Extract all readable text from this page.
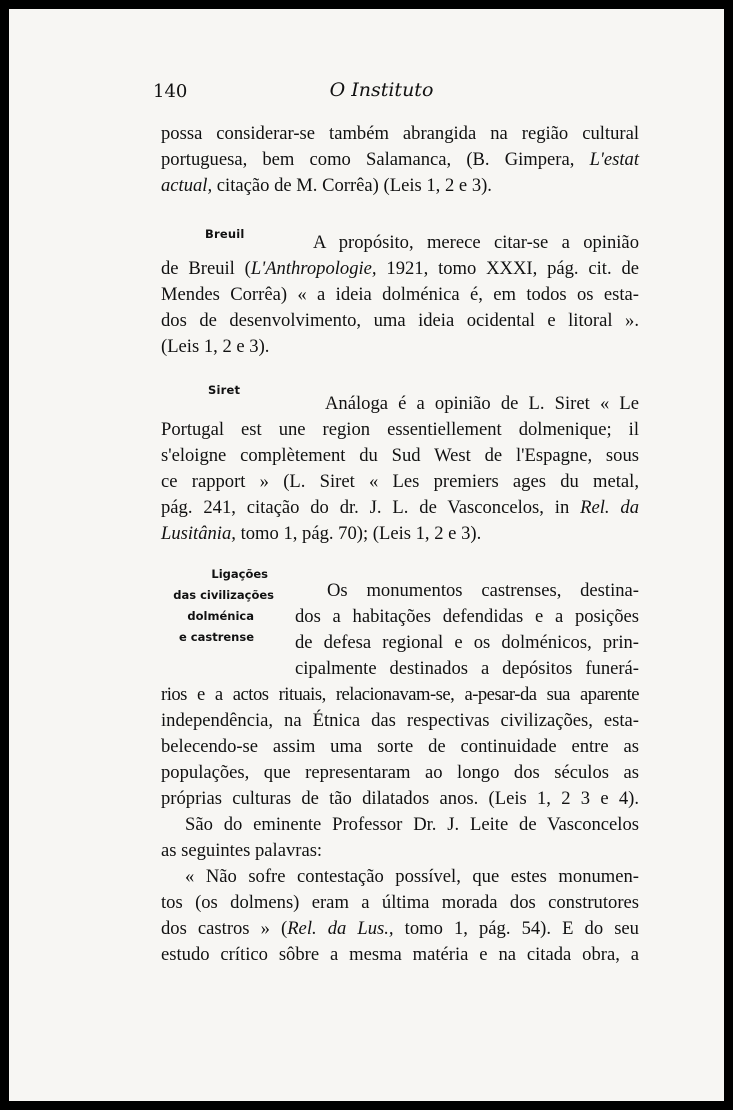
140	O Instituto
Breuil
Siret
Ligações
das civilizações
dolménica
e castrense
possa considerar-se também abrangida na região cultural
portuguesa, bem como Salamanca, (B. Gimpera, L'estat
actual, citação de M. Corrêa) (Leis 1, 2 e 3).
A propósito, merece citar-se a opinião
de Breuil (L'Anthropologie, 1921, tomo XXXI, pág. cit. de
Mendes Corrêa) « a ideia dolménica é, em todos os esta-
dos de desenvolvimento, uma ideia ocidental e litoral ».
(Leis 1, 2 e 3).
Análoga é a opinião de L. Siret « Le
Portugal est une region essentiellement dolmenique; il
s'eloigne complètement du Sud West de l'Espagne, sous
ce rapport » (L. Siret « Les premiers ages du metal,
pág. 241, citação do dr. J. L. de Vasconcelos, in Rel. da
Lusitânia, tomo 1, pág. 70); (Leis 1, 2 e 3).
Os monumentos castrenses, destina-
dos a habitações defendidas e a posições
de defesa regional e os dolménicos, prin-
cipalmente destinados a depósitos funerá-
rios e a actos rituais, relacionavam-se, a-pesar-da sua aparente
independência, na Étnica das respectivas civilizações, esta-
belecendo-se assim uma sorte de continuidade entre as
populações, que representaram ao longo dos séculos as
próprias culturas de tão dilatados anos. (Leis 1, 2 3 e 4).
São do eminente Professor Dr. J. Leite de Vasconcelos
as seguintes palavras:
« Não sofre contestação possível, que estes monumen-
tos (os dolmens) eram a última morada dos construtores
dos castros » (Rel. da Lus., tomo 1, pág. 54). E do seu
estudo crítico sôbre a mesma matéria e na citada obra, a
